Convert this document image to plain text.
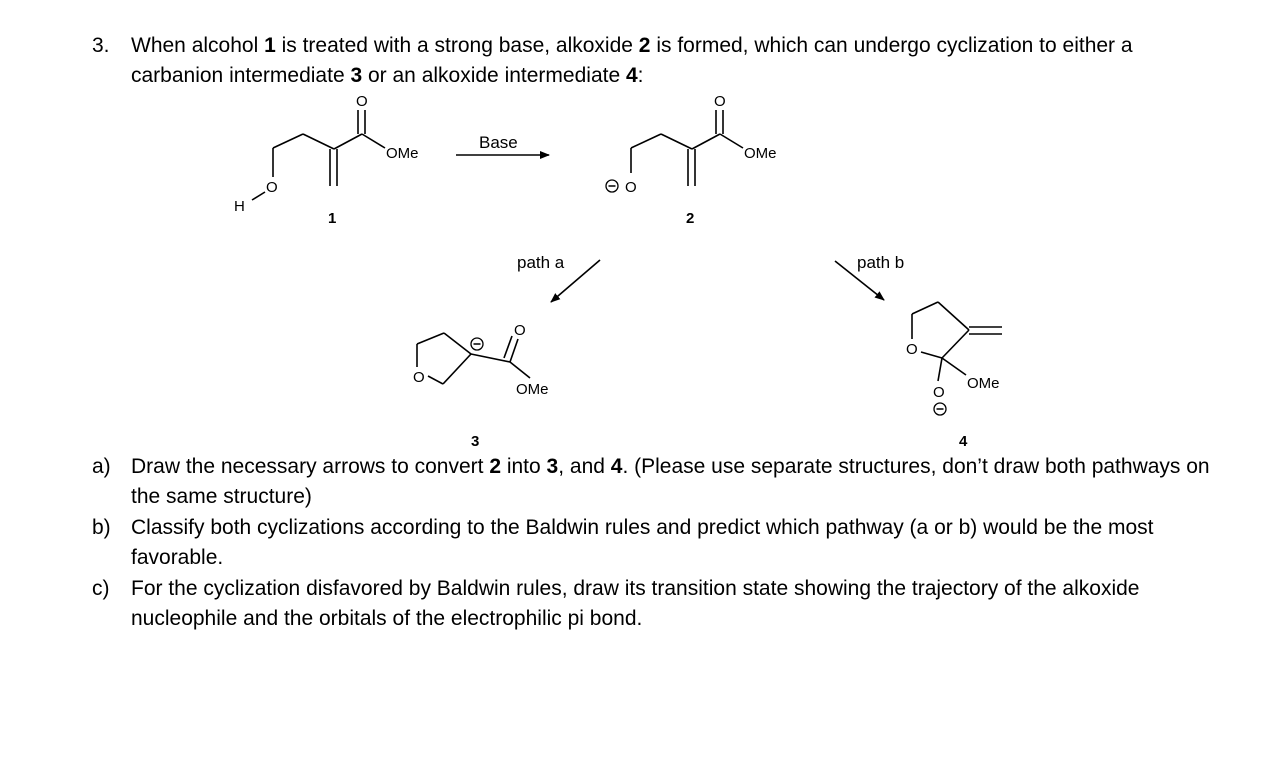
3. When alcohol 1 is treated with a strong base, alkoxide 2 is formed, which can undergo cyclization to either a carbanion intermediate 3 or an alkoxide intermediate 4:
O
OMe
O
H
1
Base
O
OMe
O
2
path a	path b
O
O
OMe
3
O
O
OMe
4
a) Draw the necessary arrows to convert 2 into 3, and 4. (Please use separate structures, don’t draw both pathways on the same structure)
b) Classify both cyclizations according to the Baldwin rules and predict which pathway (a or b) would be the most favorable.
c) For the cyclization disfavored by Baldwin rules, draw its transition state showing the trajectory of the alkoxide nucleophile and the orbitals of the electrophilic pi bond.
